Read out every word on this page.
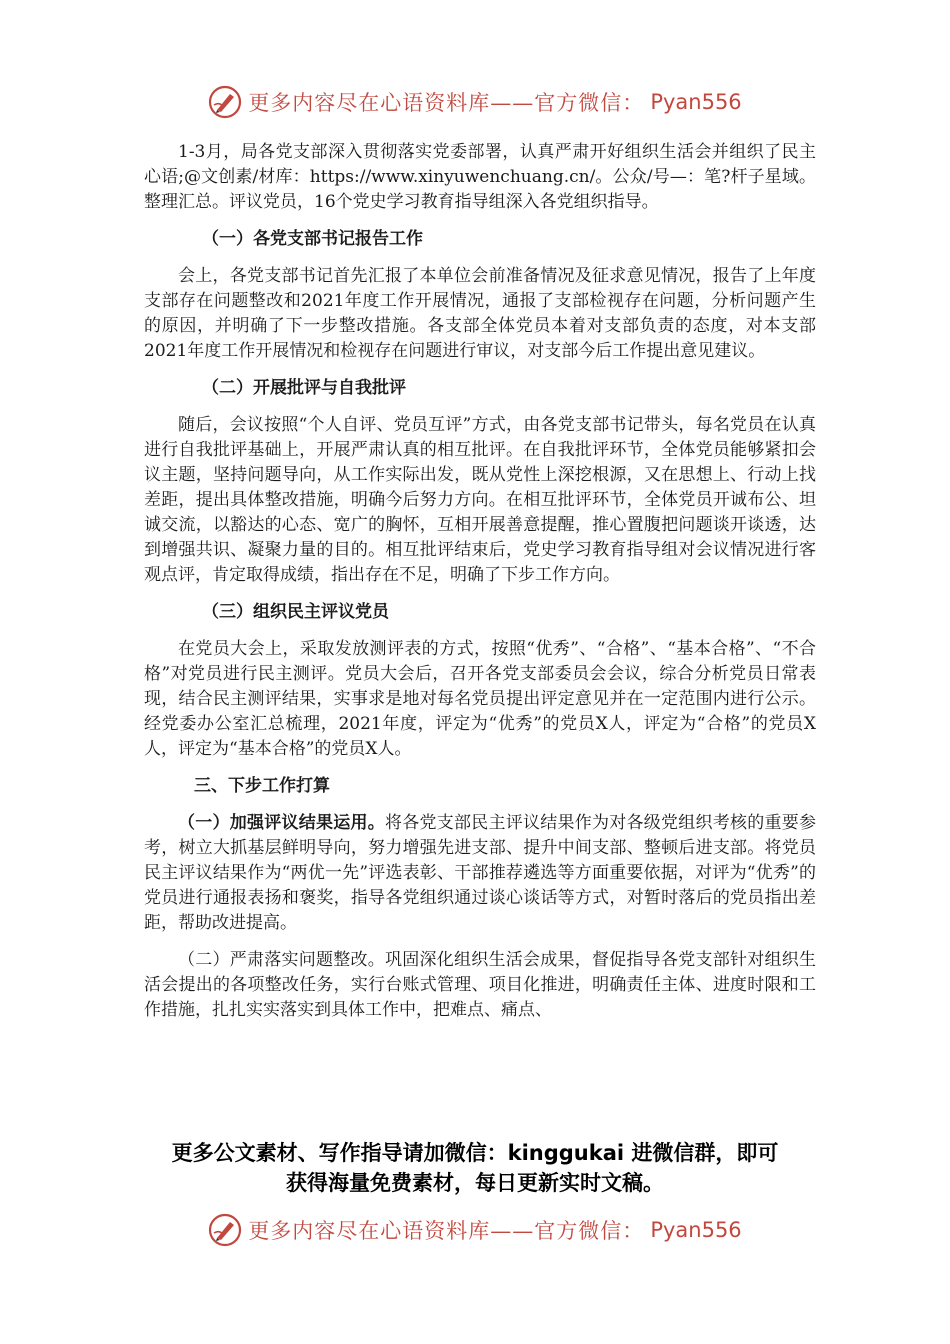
更多内容尽在心语资料库——官方微信： Pyan556

1-3月，局各党支部深入贯彻落实党委部署，认真严肃开好组织生活会并组织了民主心语;@文创素/材库：https://www.xinyuwenchuang.cn/。公众/号—：笔?杆子星域。整理汇总。评议党员，16个党史学习教育指导组深入各党组织指导。

（一）各党支部书记报告工作

会上，各党支部书记首先汇报了本单位会前准备情况及征求意见情况，报告了上年度支部存在问题整改和2021年度工作开展情况，通报了支部检视存在问题，分析问题产生的原因，并明确了下一步整改措施。各支部全体党员本着对支部负责的态度，对本支部2021年度工作开展情况和检视存在问题进行审议，对支部今后工作提出意见建议。

（二）开展批评与自我批评

随后，会议按照“个人自评、党员互评”方式，由各党支部书记带头，每名党员在认真进行自我批评基础上，开展严肃认真的相互批评。在自我批评环节，全体党员能够紧扣会议主题，坚持问题导向，从工作实际出发，既从党性上深挖根源，又在思想上、行动上找差距，提出具体整改措施，明确今后努力方向。在相互批评环节，全体党员开诚布公、坦诚交流，以豁达的心态、宽广的胸怀，互相开展善意提醒，推心置腹把问题谈开谈透，达到增强共识、凝聚力量的目的。相互批评结束后，党史学习教育指导组对会议情况进行客观点评，肯定取得成绩，指出存在不足，明确了下步工作方向。

（三）组织民主评议党员

在党员大会上，采取发放测评表的方式，按照“优秀”、“合格”、“基本合格”、“不合格”对党员进行民主测评。党员大会后，召开各党支部委员会会议，综合分析党员日常表现，结合民主测评结果，实事求是地对每名党员提出评定意见并在一定范围内进行公示。经党委办公室汇总梳理，2021年度，评定为“优秀”的党员X人，评定为“合格”的党员X人，评定为“基本合格”的党员X人。

三、下步工作打算

（一）加强评议结果运用。将各党支部民主评议结果作为对各级党组织考核的重要参考，树立大抓基层鲜明导向，努力增强先进支部、提升中间支部、整顿后进支部。将党员民主评议结果作为“两优一先”评选表彰、干部推荐遴选等方面重要依据，对评为“优秀”的党员进行通报表扬和褒奖，指导各党组织通过谈心谈话等方式，对暂时落后的党员指出差距，帮助改进提高。

（二）严肃落实问题整改。巩固深化组织生活会成果，督促指导各党支部针对组织生活会提出的各项整改任务，实行台账式管理、项目化推进，明确责任主体、进度时限和工作措施，扎扎实实落实到具体工作中，把难点、痛点、

更多公文素材、写作指导请加微信：kinggukai 进微信群，即可
获得海量免费素材，每日更新实时文稿。
更多内容尽在心语资料库——官方微信： Pyan556
